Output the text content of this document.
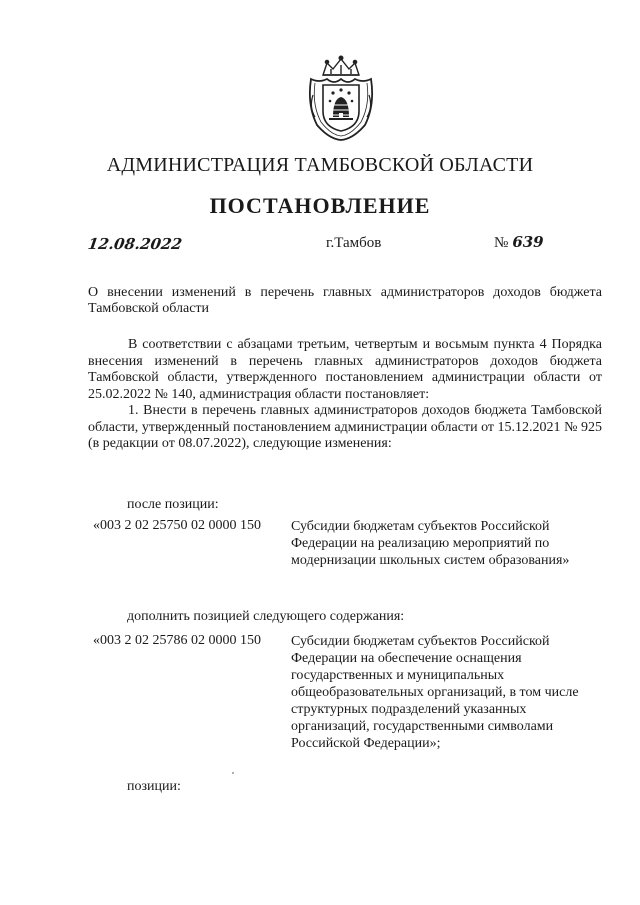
АДМИНИСТРАЦИЯ ТАМБОВСКОЙ ОБЛАСТИ
ПОСТАНОВЛЕНИЕ
12.08.2022	г.Тамбов	№ 639
О внесении изменений в перечень главных администраторов доходов бюджета Тамбовской области

В соответствии с абзацами третьим, четвертым и восьмым пункта 4 Порядка внесения изменений в перечень главных администраторов доходов бюджета Тамбовской области, утвержденного постановлением администрации области от 25.02.2022 № 140, администрация области постановляет:

1. Внести в перечень главных администраторов доходов бюджета Тамбовской области, утвержденный постановлением администрации области от 15.12.2021 № 925 (в редакции от 08.07.2022), следующие изменения:

после позиции:
«003 2 02 25750 02 0000 150 Субсидии бюджетам субъектов Российской Федерации на реализацию мероприятий по модернизации школьных систем образования»
дополнить позицией следующего содержания:
«003 2 02 25786 02 0000 150 Субсидии бюджетам субъектов Российской Федерации на обеспечение оснащения государственных и муниципальных общеобразовательных организаций, в том числе структурных подразделений указанных организаций, государственными символами Российской Федерации»;
позиции:
